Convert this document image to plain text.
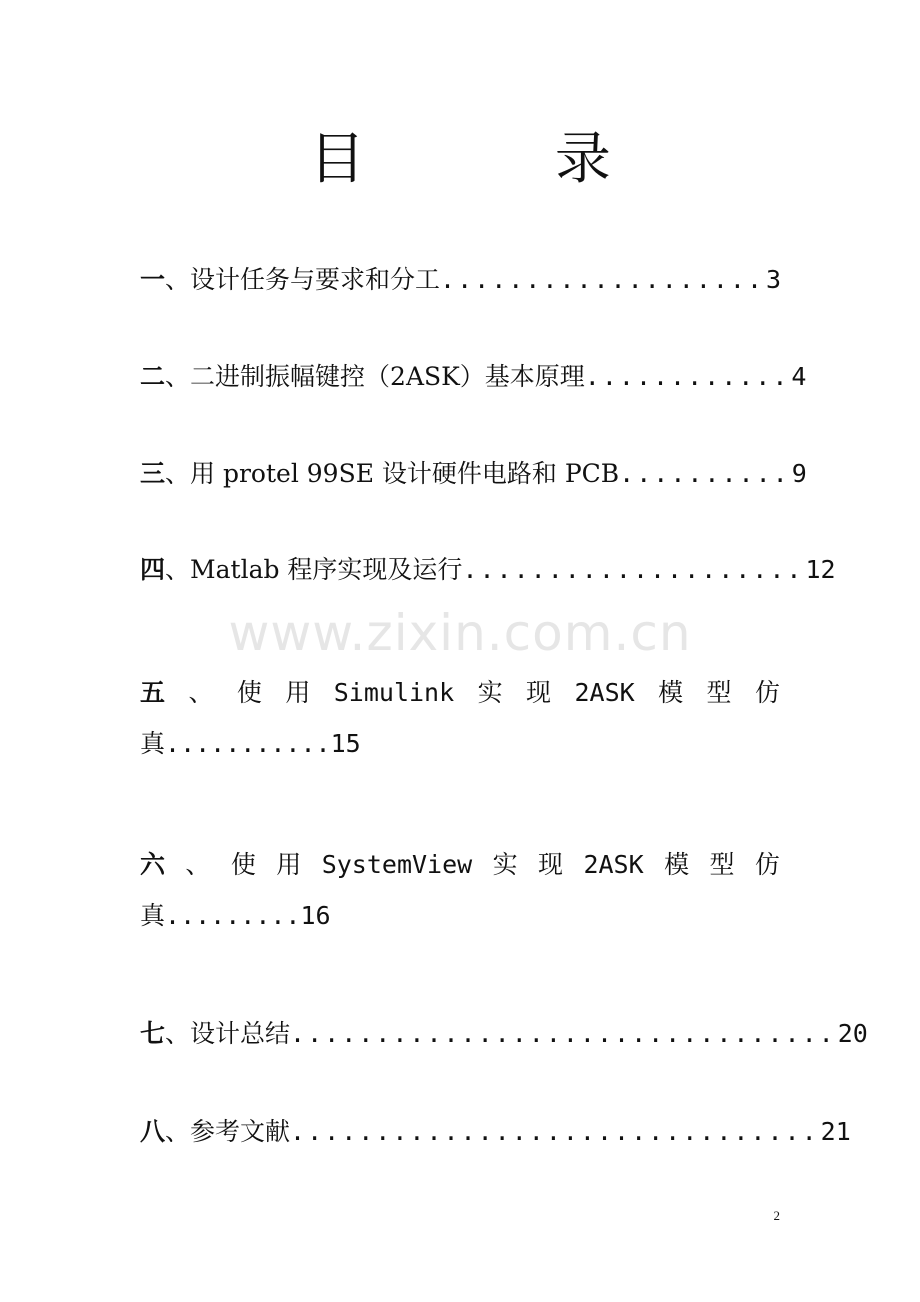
目 录
一 、 设计任务与要求和分工 ................... 3
二 、 二进制振幅键控（2ASK）基本原理 ............ 4
三 、 用 protel 99SE 设计硬件电路和 PCB .......... 9
四 、 Matlab 程序实现及运行 .................... 12
www.zixin.com.cn
五 、 使 用 Simulink 实 现 2ASK 模 型 仿
真...........15
六 、 使 用 SystemView 实 现 2ASK 模 型 仿
真.........16
七 、 设计总结 ................................ 20
八 、 参考文献 ............................... 21
2
